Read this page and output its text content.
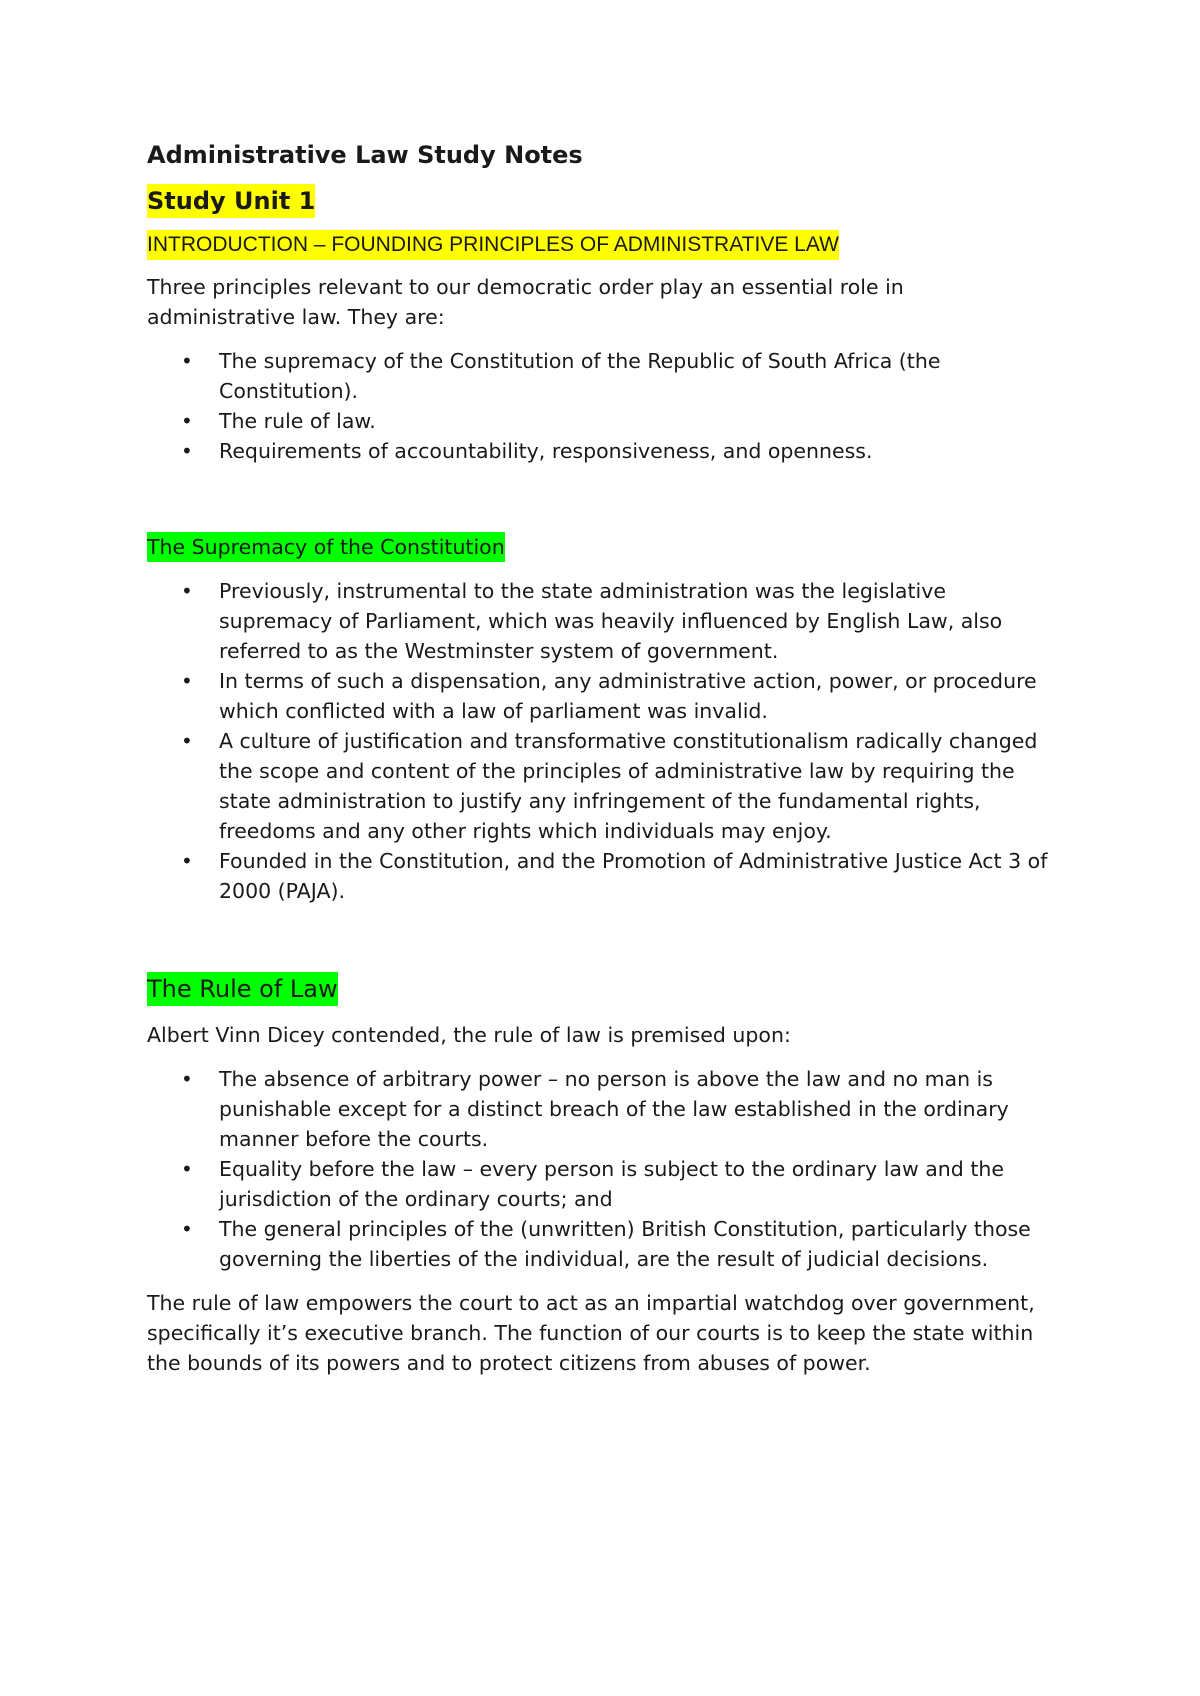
Administrative Law Study Notes
Study Unit 1
INTRODUCTION – FOUNDING PRINCIPLES OF ADMINISTRATIVE LAW

Three principles relevant to our democratic order play an essential role in administrative law. They are:

• The supremacy of the Constitution of the Republic of South Africa (the Constitution).
• The rule of law.
• Requirements of accountability, responsiveness, and openness.
The Supremacy of the Constitution
• Previously, instrumental to the state administration was the legislative supremacy of Parliament, which was heavily influenced by English Law, also referred to as the Westminster system of government.
• In terms of such a dispensation, any administrative action, power, or procedure which conflicted with a law of parliament was invalid.
• A culture of justification and transformative constitutionalism radically changed the scope and content of the principles of administrative law by requiring the state administration to justify any infringement of the fundamental rights, freedoms and any other rights which individuals may enjoy.
• Founded in the Constitution, and the Promotion of Administrative Justice Act 3 of 2000 (PAJA).
The Rule of Law

Albert Vinn Dicey contended, the rule of law is premised upon:

• The absence of arbitrary power – no person is above the law and no man is punishable except for a distinct breach of the law established in the ordinary manner before the courts.
• Equality before the law – every person is subject to the ordinary law and the jurisdiction of the ordinary courts; and
• The general principles of the (unwritten) British Constitution, particularly those governing the liberties of the individual, are the result of judicial decisions.

The rule of law empowers the court to act as an impartial watchdog over government, specifically it’s executive branch. The function of our courts is to keep the state within the bounds of its powers and to protect citizens from abuses of power.
